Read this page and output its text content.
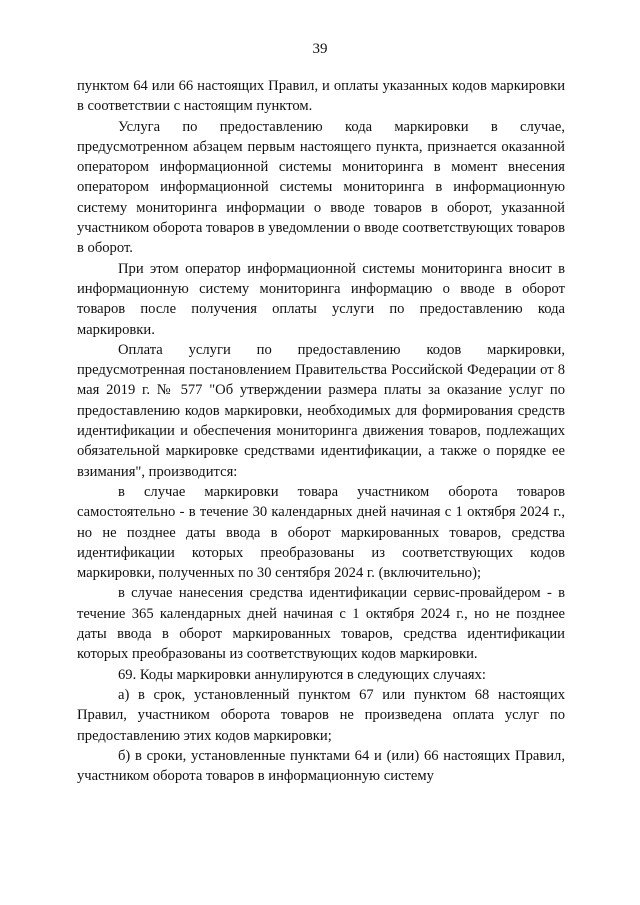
39

пунктом 64 или 66 настоящих Правил, и оплаты указанных кодов маркировки в соответствии с настоящим пунктом.

Услуга по предоставлению кода маркировки в случае, предусмотренном абзацем первым настоящего пункта, признается оказанной оператором информационной системы мониторинга в момент внесения оператором информационной системы мониторинга в информационную систему мониторинга информации о вводе товаров в оборот, указанной участником оборота товаров в уведомлении о вводе соответствующих товаров в оборот.

При этом оператор информационной системы мониторинга вносит в информационную систему мониторинга информацию о вводе в оборот товаров после получения оплаты услуги по предоставлению кода маркировки.

Оплата услуги по предоставлению кодов маркировки, предусмотренная постановлением Правительства Российской Федерации от 8 мая 2019 г. № 577 "Об утверждении размера платы за оказание услуг по предоставлению кодов маркировки, необходимых для формирования средств идентификации и обеспечения мониторинга движения товаров, подлежащих обязательной маркировке средствами идентификации, а также о порядке ее взимания", производится:

в случае маркировки товара участником оборота товаров самостоятельно - в течение 30 календарных дней начиная с 1 октября 2024 г., но не позднее даты ввода в оборот маркированных товаров, средства идентификации которых преобразованы из соответствующих кодов маркировки, полученных по 30 сентября 2024 г. (включительно);

в случае нанесения средства идентификации сервис-провайдером - в течение 365 календарных дней начиная с 1 октября 2024 г., но не позднее даты ввода в оборот маркированных товаров, средства идентификации которых преобразованы из соответствующих кодов маркировки.

69. Коды маркировки аннулируются в следующих случаях:

а) в срок, установленный пунктом 67 или пунктом 68 настоящих Правил, участником оборота товаров не произведена оплата услуг по предоставлению этих кодов маркировки;

б) в сроки, установленные пунктами 64 и (или) 66 настоящих Правил, участником оборота товаров в информационную систему
